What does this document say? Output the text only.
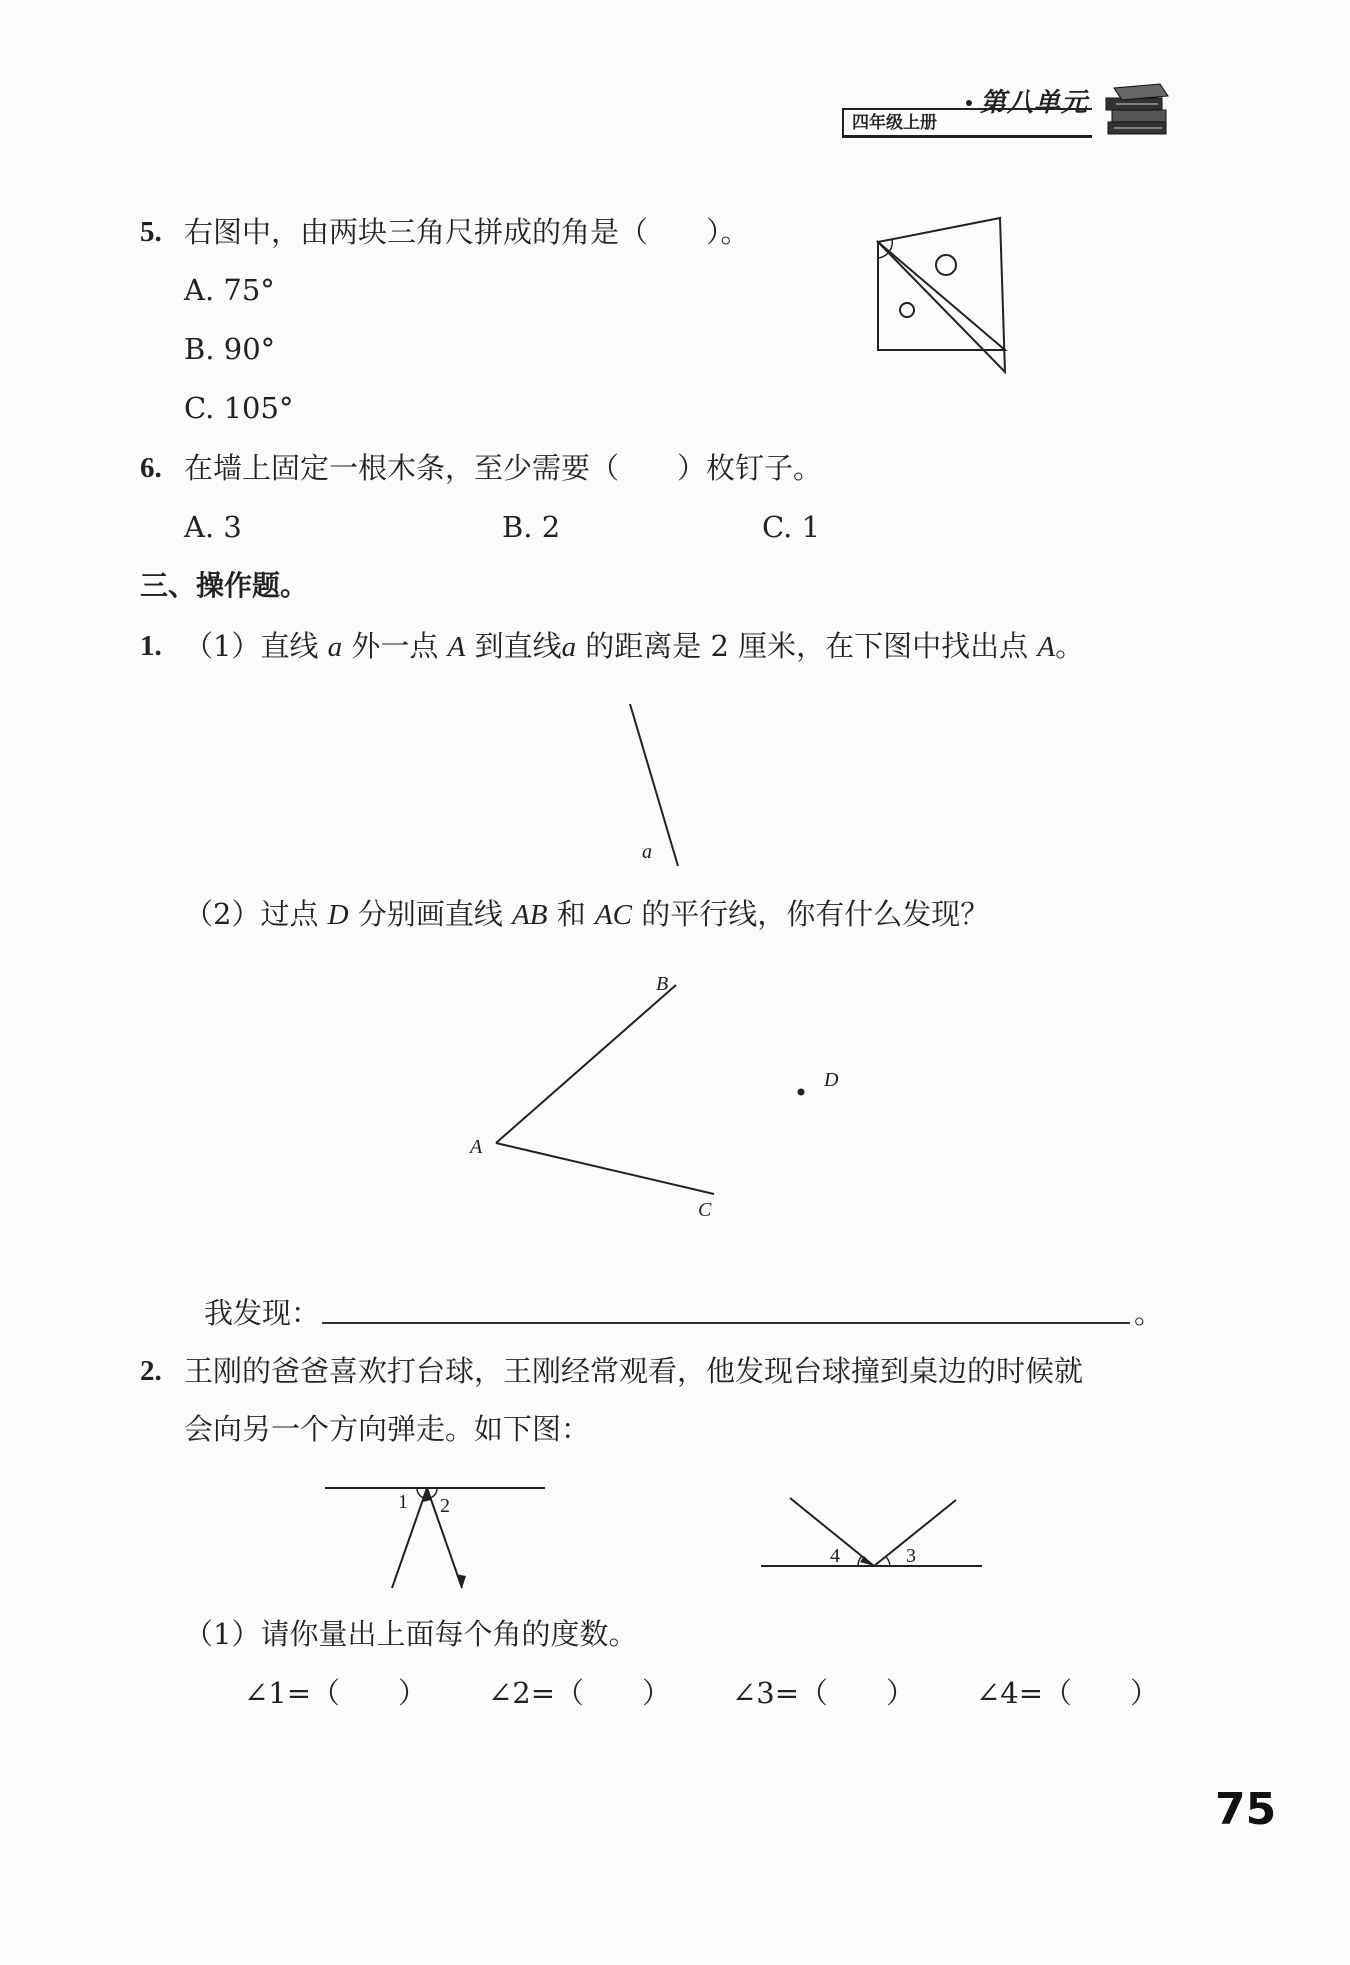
四年级上册
第八单元
5. 右图中，由两块三角尺拼成的角是（　　）。
A. 75°
B. 90°
C. 105°
6. 在墙上固定一根木条，至少需要（　　）枚钉子。
A. 3	B. 2	C. 1
三、操作题。
1. （1）直线 a 外一点 A 到直线a 的距离是 2 厘米，在下图中找出点 A。
a
（2）过点 D 分别画直线 AB 和 AC 的平行线，你有什么发现？
A
B
C
D
我发现：	。
2. 王刚的爸爸喜欢打台球，王刚经常观看，他发现台球撞到桌边的时候就
会向另一个方向弹走。如下图：
1 2
4	3
（1）请你量出上面每个角的度数。
∠1=（　　） ∠2=（　　） ∠3=（　　） ∠4=（　　）
75
